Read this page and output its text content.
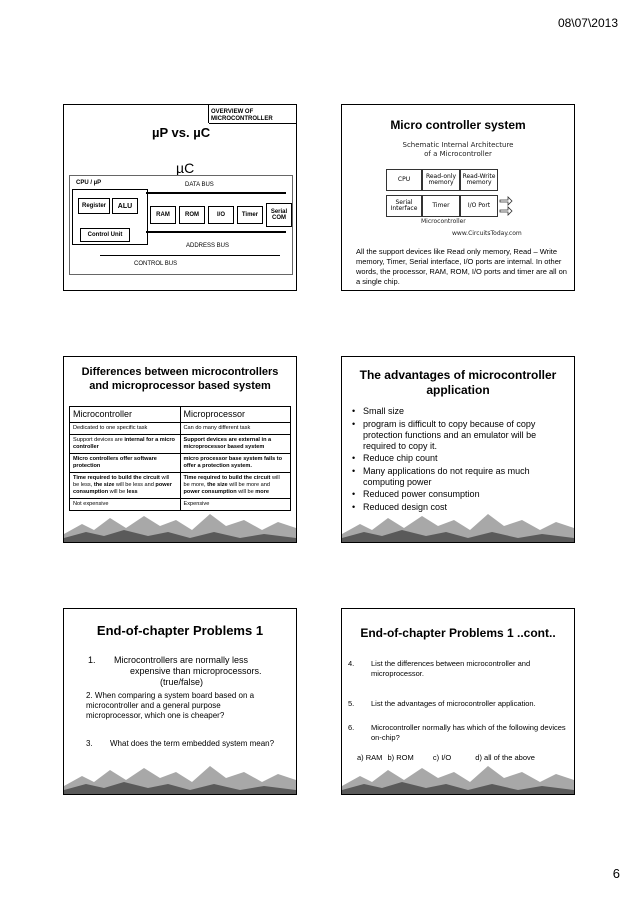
08\07\2013
OVERVIEW OF
MICROCONTROLLER
µP vs. µC
µC
CPU / µP	DATA BUS
Register	ALU
Control Unit
RAM	ROM	I/O	Timer	Serial
COM
ADDRESS BUS
CONTROL BUS
Micro controller system
Schematic Internal Architecture
of a Microcontroller
CPU	Read-only
memory
Read-Write
memory
Serial
Interface	Timer	I/O Port
Microcontroller
www.CircuitsToday.com
All the support devices like Read only memory, Read – Write memory, Timer, Serial interface, I/O ports are internal. In other words, the processor, RAM, ROM, I/O ports and timer are all on a single chip.
Differences between microcontrollers
and microprocessor based system
Microcontroller	Microprocessor
Dedicated to one specific task	Can do many different task
Support devices are internal for a micro controller	Support devices are external in a microprocessor based system
Micro controllers offer software protection	micro processor base system fails to offer a protection system.
Time required to build the circuit will be less, the size will be less and power consumption will be less	Time required to build the circuit will be more, the size will be more and power consumption will be more
Not expensive	Expensive
The advantages of microcontroller
application
• Small size
• program is difficult to copy because of copy protection functions and an emulator will be required to copy it.
• Reduce chip count
• Many applications do not require as much computing power
• Reduced power consumption
• Reduced design cost
End-of-chapter Problems 1
1. Microcontrollers are normally less
expensive than microprocessors.
(true/false)
2. When comparing a system board based on a microcontroller and a general purpose microprocessor, which one is cheaper?
3. What does the term embedded system mean?
End-of-chapter Problems 1 ..cont..
4. List the differences between microcontroller and microprocessor.
5. List the advantages of microcontroller application.
6. Microcontroller normally has which of the following devices on-chip?
a) RAM b) ROM	c) I/O	d) all of the above
6
